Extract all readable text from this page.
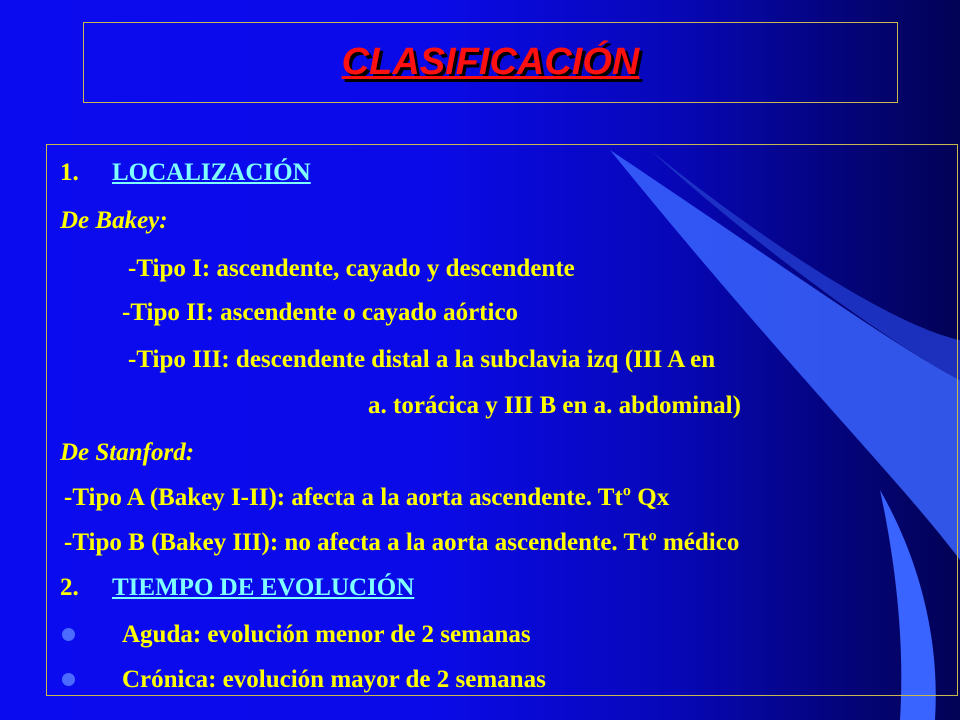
CLASIFICACIÓN
1. LOCALIZACIÓN
De Bakey:
-Tipo I: ascendente, cayado y descendente
-Tipo II: ascendente o cayado aórtico
-Tipo III: descendente distal a la subclavia izq (III A en
a. torácica y III B en a. abdominal)
De Stanford:
-Tipo A (Bakey I-II): afecta a la aorta ascendente. Ttº Qx
-Tipo B (Bakey III): no afecta a la aorta ascendente. Ttº médico
2. TIEMPO DE EVOLUCIÓN
Aguda: evolución menor de 2 semanas
Crónica: evolución mayor de 2 semanas
